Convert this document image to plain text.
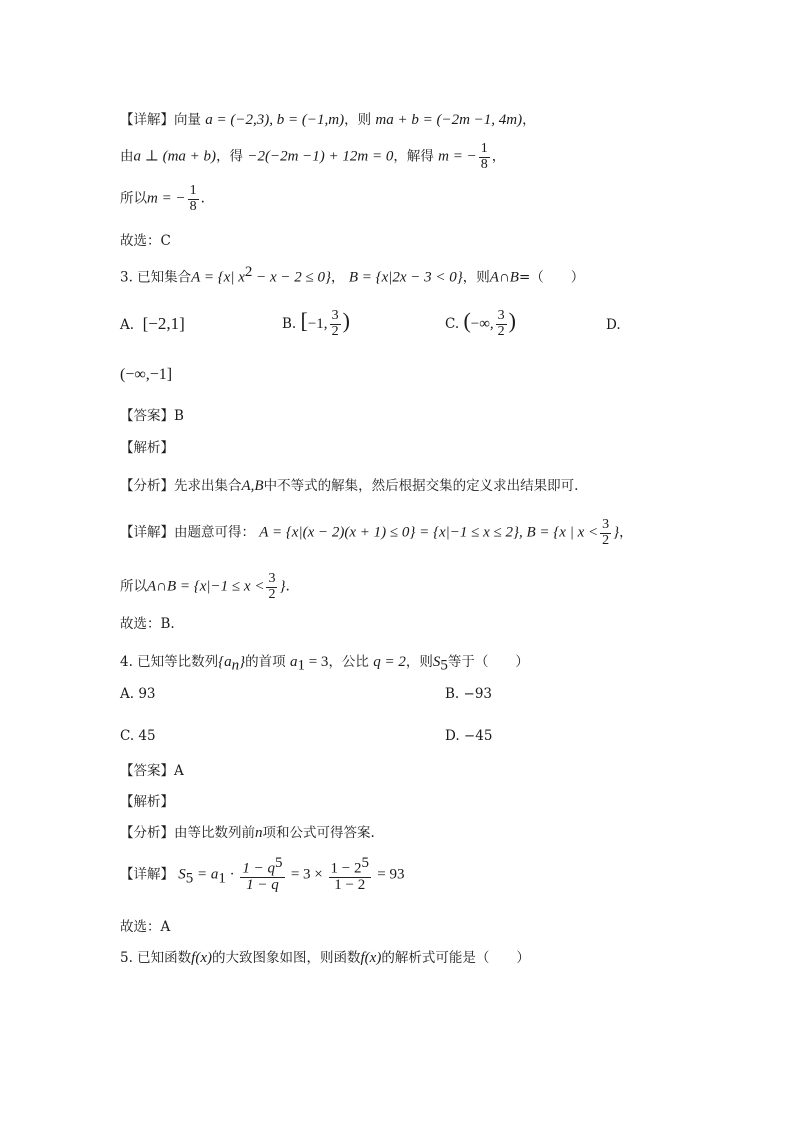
【详解】向量 a = (−2,3), b = (−1,m)，则 ma + b = (−2m −1, 4m)，
由a ⊥ (ma + b)，得 −2(−2m −1) + 12m = 0，解得 m = − $\frac{1}{8}$ ，
所以m = − $\frac{1}{8}$ .
故选：C
3. 已知集合A = {x| $x^2 - x - 2 \le 0$}， B = {x|2x − 3 < 0}，则A∩B=（　　）
A. [−2,1]	B. [−1, $\frac{3}{2}$ )	C. (−∞, $\frac{3}{2}$ )	D.
(−∞,−1]
【答案】B
【解析】
【分析】先求出集合A,B中不等式的解集，然后根据交集的定义求出结果即可.
【详解】由题意可得： A = {x|(x − 2)(x + 1) ≤ 0} = {x|−1 ≤ x ≤ 2}, B = {x | $x < \frac{3}{2}$ }，
所以A∩B = {$x|-1 \le x < \frac{3}{2}$ }.
故选：B.
4. 已知等比数列$\{a_n\}$的首项 $a_1 = 3$，公比 q = 2，则$S_5$等于（　　）
A. 93	B. −93
C. 45	D. −45
【答案】A
【解析】
【分析】由等比数列前n项和公式可得答案.
【详解】 $S_5 = a_1 \cdot \frac{1 - q^5}{1 - q} = 3 \times \frac{1 - 2^5}{1 - 2} = 93$
故选：A
5. 已知函数f(x)的大致图象如图，则函数f(x)的解析式可能是（　　）
